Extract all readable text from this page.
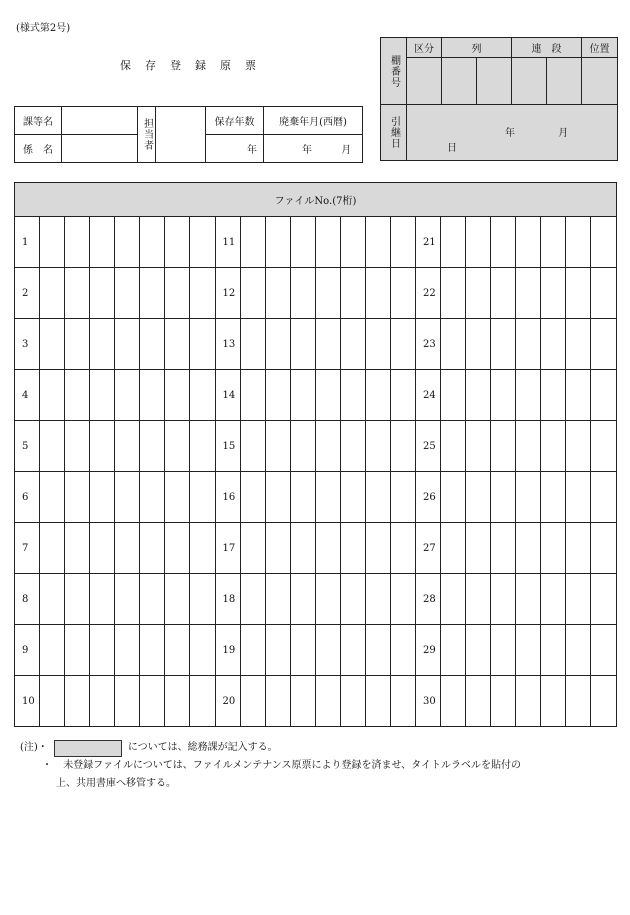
(様式第2号)
保 存 登 録 原 票
課等名		担当者		保存年数	廃棄年月(西暦)
係　名				年	年 月
棚番号	区分	列		連　段		位置

引継日	年 月 日					
ファイルNo.(7桁)																							
1								11								21							
2								12								22							
3								13								23							
4								14								24							
5								15								25							
6								16								26							
7								17								27							
8								18								28							
9								19								29							
10								20								30							
(注)・	については、総務課が記入する。
・ 未登録ファイルについては、ファイルメンテナンス原票により登録を済ませ、タイトルラベルを貼付の
上、共用書庫へ移管する。
